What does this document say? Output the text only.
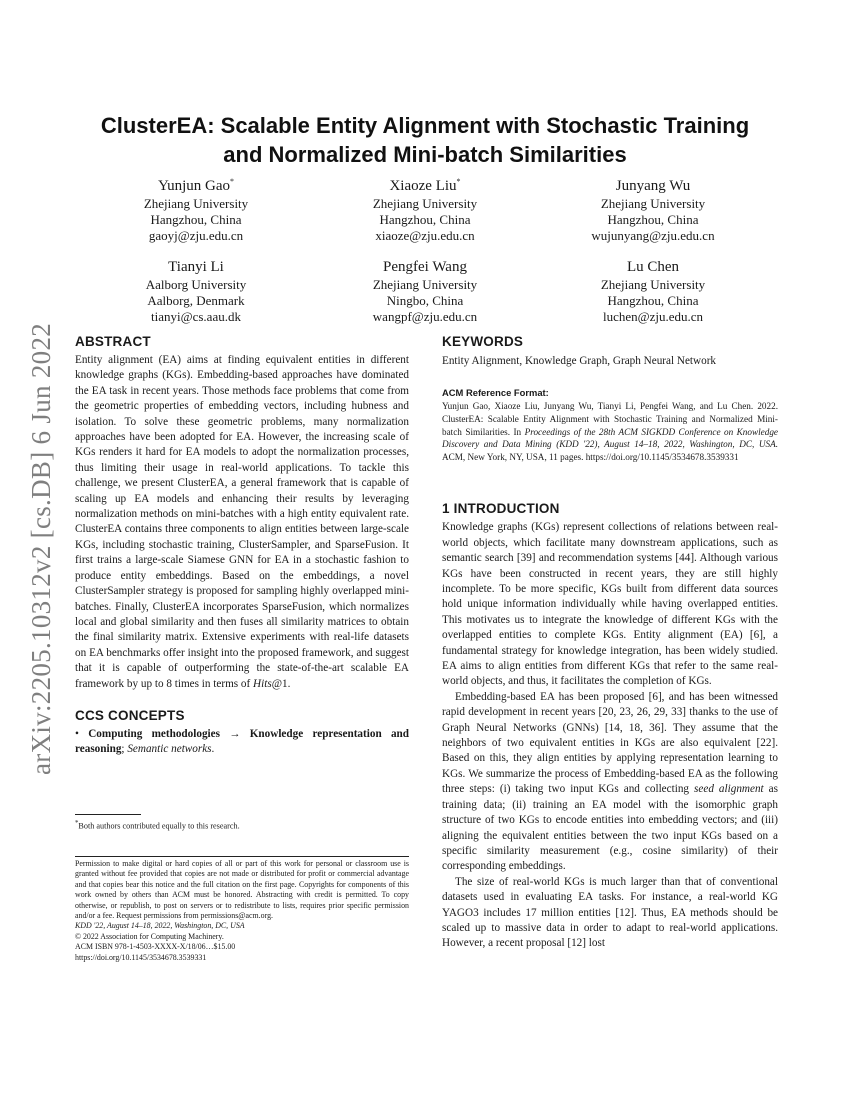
arXiv:2205.10312v2 [cs.DB] 6 Jun 2022
ClusterEA: Scalable Entity Alignment with Stochastic Training
and Normalized Mini-batch Similarities
Yunjun Gao*
Zhejiang University
Hangzhou, China
gaoyj@zju.edu.cn
Xiaoze Liu*
Zhejiang University
Hangzhou, China
xiaoze@zju.edu.cn
Junyang Wu
Zhejiang University
Hangzhou, China
wujunyang@zju.edu.cn
Tianyi Li
Aalborg University
Aalborg, Denmark
tianyi@cs.aau.dk
Pengfei Wang
Zhejiang University
Ningbo, China
wangpf@zju.edu.cn
Lu Chen
Zhejiang University
Hangzhou, China
luchen@zju.edu.cn
ABSTRACT

Entity alignment (EA) aims at finding equivalent entities in different knowledge graphs (KGs). Embedding-based approaches have dominated the EA task in recent years. Those methods face problems that come from the geometric properties of embedding vectors, including hubness and isolation. To solve these geometric problems, many normalization approaches have been adopted for EA. However, the increasing scale of KGs renders it hard for EA models to adopt the normalization processes, thus limiting their usage in real-world applications. To tackle this challenge, we present ClusterEA, a general framework that is capable of scaling up EA models and enhancing their results by leveraging normalization methods on mini-batches with a high entity equivalent rate. ClusterEA contains three components to align entities between large-scale KGs, including stochastic training, ClusterSampler, and SparseFusion. It first trains a large-scale Siamese GNN for EA in a stochastic fashion to produce entity embeddings. Based on the embeddings, a novel ClusterSampler strategy is proposed for sampling highly overlapped mini-batches. Finally, ClusterEA incorporates SparseFusion, which normalizes local and global similarity and then fuses all similarity matrices to obtain the final similarity matrix. Extensive experiments with real-life datasets on EA benchmarks offer insight into the proposed framework, and suggest that it is capable of outperforming the state-of-the-art scalable EA framework by up to 8 times in terms of Hits@1.

CCS CONCEPTS

• Computing methodologies → Knowledge representation and reasoning; Semantic networks.

*Both authors contributed equally to this research.
Permission to make digital or hard copies of all or part of this work for personal or classroom use is granted without fee provided that copies are not made or distributed for profit or commercial advantage and that copies bear this notice and the full citation on the first page. Copyrights for components of this work owned by others than ACM must be honored. Abstracting with credit is permitted. To copy otherwise, or republish, to post on servers or to redistribute to lists, requires prior specific permission and/or a fee. Request permissions from permissions@acm.org.
KDD '22, August 14–18, 2022, Washington, DC, USA
© 2022 Association for Computing Machinery.
ACM ISBN 978-1-4503-XXXX-X/18/06…$15.00
https://doi.org/10.1145/3534678.3539331
KEYWORDS

Entity Alignment, Knowledge Graph, Graph Neural Network

ACM Reference Format:

Yunjun Gao, Xiaoze Liu, Junyang Wu, Tianyi Li, Pengfei Wang, and Lu Chen. 2022. ClusterEA: Scalable Entity Alignment with Stochastic Training and Normalized Mini-batch Similarities. In Proceedings of the 28th ACM SIGKDD Conference on Knowledge Discovery and Data Mining (KDD '22), August 14–18, 2022, Washington, DC, USA. ACM, New York, NY, USA, 11 pages. https://doi.org/10.1145/3534678.3539331

1 INTRODUCTION

Knowledge graphs (KGs) represent collections of relations between real-world objects, which facilitate many downstream applications, such as semantic search [39] and recommendation systems [44]. Although various KGs have been constructed in recent years, they are still highly incomplete. To be more specific, KGs built from different data sources hold unique information individually while having overlapped entities. This motivates us to integrate the knowledge of different KGs with the overlapped entities to complete KGs. Entity alignment (EA) [6], a fundamental strategy for knowledge integration, has been widely studied. EA aims to align entities from different KGs that refer to the same real-world objects, and thus, it facilitates the completion of KGs.

Embedding-based EA has been proposed [6], and has been witnessed rapid development in recent years [20, 23, 26, 29, 33] thanks to the use of Graph Neural Networks (GNNs) [14, 18, 36]. They assume that the neighbors of two equivalent entities in KGs are also equivalent [22]. Based on this, they align entities by applying representation learning to KGs. We summarize the process of Embedding-based EA as the following three steps: (i) taking two input KGs and collecting seed alignment as training data; (ii) training an EA model with the isomorphic graph structure of two KGs to encode entities into embedding vectors; and (iii) aligning the equivalent entities between the two input KGs based on a specific similarity measurement (e.g., cosine similarity) of their corresponding embeddings.

The size of real-world KGs is much larger than that of conventional datasets used in evaluating EA tasks. For instance, a real-world KG YAGO3 includes 17 million entities [12]. Thus, EA methods should be scaled up to massive data in order to adapt to real-world applications. However, a recent proposal [12] lost
